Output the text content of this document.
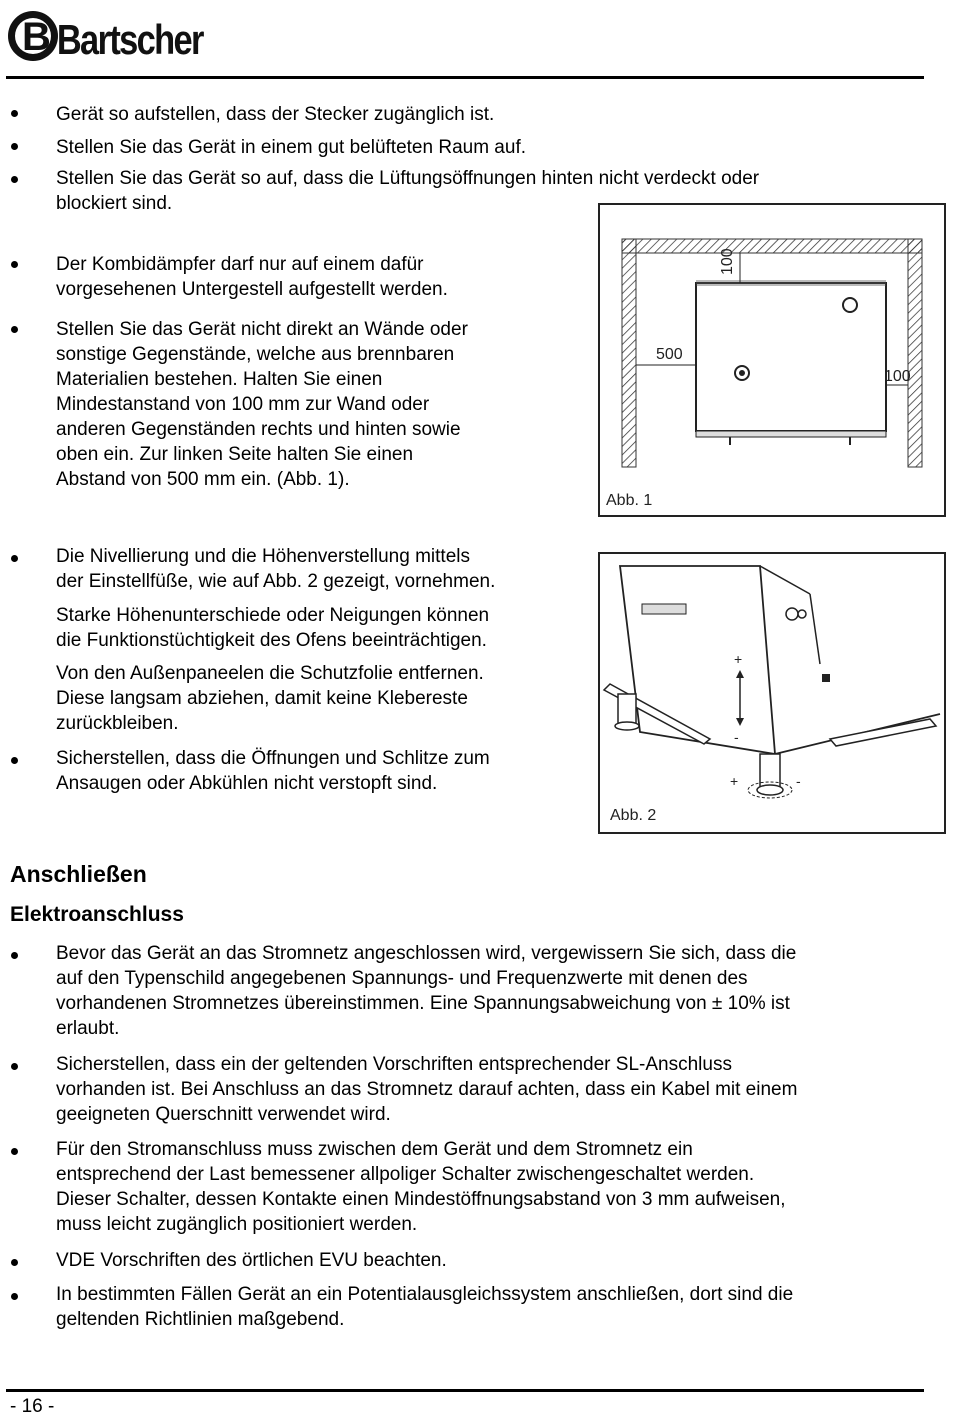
B Bartscher
Gerät so aufstellen, dass der Stecker zugänglich ist.
Stellen Sie das Gerät in einem gut belüfteten Raum auf.
Stellen Sie das Gerät so auf, dass die Lüftungsöffnungen hinten nicht verdeckt oder
blockiert sind.
Der Kombidämpfer darf nur auf einem dafür
vorgesehenen Untergestell aufgestellt werden.
Stellen Sie das Gerät nicht direkt an Wände oder
sonstige Gegenstände, welche aus brennbaren
Materialien bestehen. Halten Sie einen
Mindestanstand von 100 mm zur Wand oder
anderen Gegenständen rechts und hinten sowie
oben ein. Zur linken Seite halten Sie einen
Abstand von 500 mm ein. (Abb. 1).
100
500
100
Abb. 1
Die Nivellierung und die Höhenverstellung mittels
der Einstellfüße, wie auf Abb. 2 gezeigt, vornehmen.
Starke Höhenunterschiede oder Neigungen können
die Funktionstüchtigkeit des Ofens beeinträchtigen.
Von den Außenpaneelen die Schutzfolie entfernen.
Diese langsam abziehen, damit keine Klebereste
zurückbleiben.
Sicherstellen, dass die Öffnungen und Schlitze zum
Ansaugen oder Abkühlen nicht verstopft sind.
+
-
+	-
Abb. 2
Anschließen
Elektroanschluss
Bevor das Gerät an das Stromnetz angeschlossen wird, vergewissern Sie sich, dass die
auf den Typenschild angegebenen Spannungs- und Frequenzwerte mit denen des
vorhandenen Stromnetzes übereinstimmen. Eine Spannungsabweichung von ± 10% ist
erlaubt.
Sicherstellen, dass ein der geltenden Vorschriften entsprechender SL-Anschluss
vorhanden ist. Bei Anschluss an das Stromnetz darauf achten, dass ein Kabel mit einem
geeigneten Querschnitt verwendet wird.
Für den Stromanschluss muss zwischen dem Gerät und dem Stromnetz ein
entsprechend der Last bemessener allpoliger Schalter zwischengeschaltet werden.
Dieser Schalter, dessen Kontakte einen Mindestöffnungsabstand von 3 mm aufweisen,
muss leicht zugänglich positioniert werden.
VDE Vorschriften des örtlichen EVU beachten.
In bestimmten Fällen Gerät an ein Potentialausgleichssystem anschließen, dort sind die
geltenden Richtlinien maßgebend.
- 16 -
